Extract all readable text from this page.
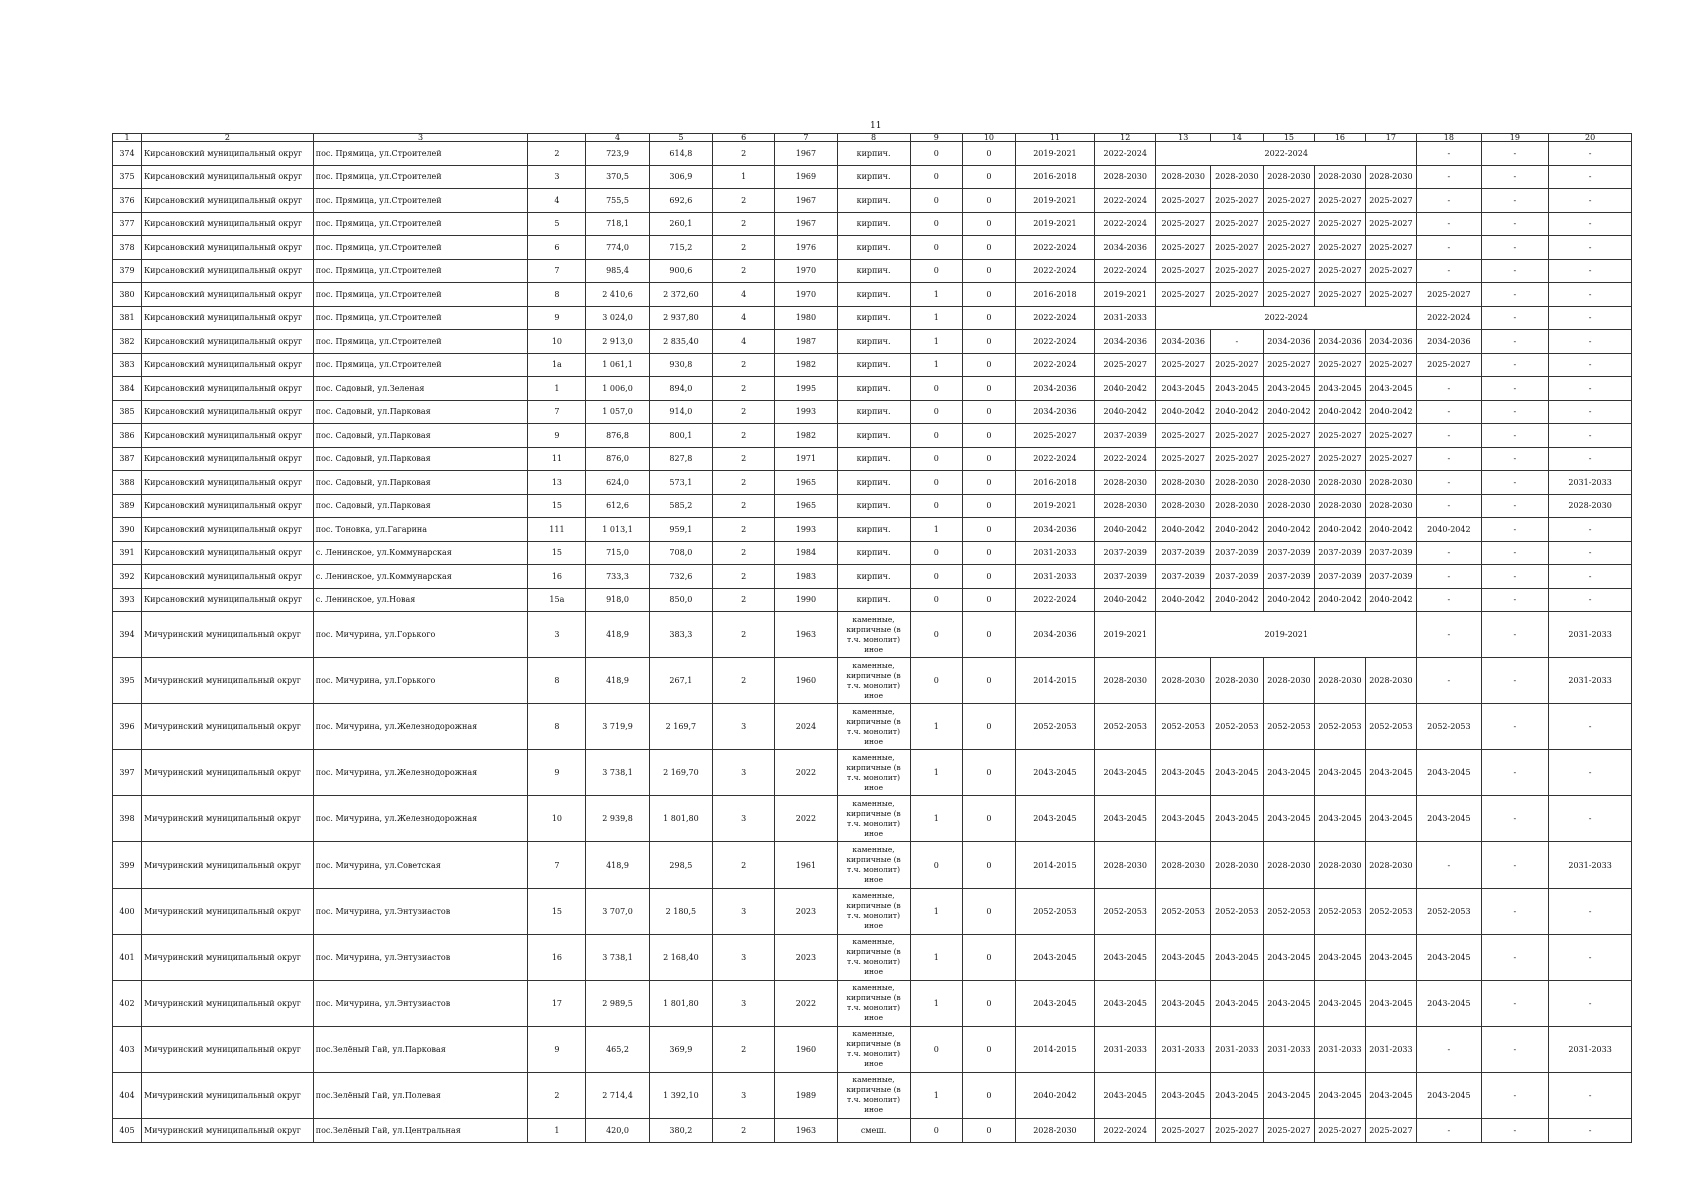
11
1	2	3		4	5	6	7	8	9	10	11	12	13	14	15	16	17	18	19	20
374	Кирсановский муниципальный округ	пос. Прямица, ул.Строителей	2	723,9	614,8	2	1967	кирпич.	0	0	2019-2021	2022-2024	2022-2024					-	-	-
375	Кирсановский муниципальный округ	пос. Прямица, ул.Строителей	3	370,5	306,9	1	1969	кирпич.	0	0	2016-2018	2028-2030	2028-2030	2028-2030	2028-2030	2028-2030	2028-2030	-	-	-
376	Кирсановский муниципальный округ	пос. Прямица, ул.Строителей	4	755,5	692,6	2	1967	кирпич.	0	0	2019-2021	2022-2024	2025-2027	2025-2027	2025-2027	2025-2027	2025-2027	-	-	-
377	Кирсановский муниципальный округ	пос. Прямица, ул.Строителей	5	718,1	260,1	2	1967	кирпич.	0	0	2019-2021	2022-2024	2025-2027	2025-2027	2025-2027	2025-2027	2025-2027	-	-	-
378	Кирсановский муниципальный округ	пос. Прямица, ул.Строителей	6	774,0	715,2	2	1976	кирпич.	0	0	2022-2024	2034-2036	2025-2027	2025-2027	2025-2027	2025-2027	2025-2027	-	-	-
379	Кирсановский муниципальный округ	пос. Прямица, ул.Строителей	7	985,4	900,6	2	1970	кирпич.	0	0	2022-2024	2022-2024	2025-2027	2025-2027	2025-2027	2025-2027	2025-2027	-	-	-
380	Кирсановский муниципальный округ	пос. Прямица, ул.Строителей	8	2 410,6	2 372,60	4	1970	кирпич.	1	0	2016-2018	2019-2021	2025-2027	2025-2027	2025-2027	2025-2027	2025-2027	2025-2027	-	-
381	Кирсановский муниципальный округ	пос. Прямица, ул.Строителей	9	3 024,0	2 937,80	4	1980	кирпич.	1	0	2022-2024	2031-2033	2022-2024					2022-2024	-	-
382	Кирсановский муниципальный округ	пос. Прямица, ул.Строителей	10	2 913,0	2 835,40	4	1987	кирпич.	1	0	2022-2024	2034-2036	2034-2036	-	2034-2036	2034-2036	2034-2036	2034-2036	-	-
383	Кирсановский муниципальный округ	пос. Прямица, ул.Строителей	1а	1 061,1	930,8	2	1982	кирпич.	1	0	2022-2024	2025-2027	2025-2027	2025-2027	2025-2027	2025-2027	2025-2027	2025-2027	-	-
384	Кирсановский муниципальный округ	пос. Садовый, ул.Зеленая	1	1 006,0	894,0	2	1995	кирпич.	0	0	2034-2036	2040-2042	2043-2045	2043-2045	2043-2045	2043-2045	2043-2045	-	-	-
385	Кирсановский муниципальный округ	пос. Садовый, ул.Парковая	7	1 057,0	914,0	2	1993	кирпич.	0	0	2034-2036	2040-2042	2040-2042	2040-2042	2040-2042	2040-2042	2040-2042	-	-	-
386	Кирсановский муниципальный округ	пос. Садовый, ул.Парковая	9	876,8	800,1	2	1982	кирпич.	0	0	2025-2027	2037-2039	2025-2027	2025-2027	2025-2027	2025-2027	2025-2027	-	-	-
387	Кирсановский муниципальный округ	пос. Садовый, ул.Парковая	11	876,0	827,8	2	1971	кирпич.	0	0	2022-2024	2022-2024	2025-2027	2025-2027	2025-2027	2025-2027	2025-2027	-	-	-
388	Кирсановский муниципальный округ	пос. Садовый, ул.Парковая	13	624,0	573,1	2	1965	кирпич.	0	0	2016-2018	2028-2030	2028-2030	2028-2030	2028-2030	2028-2030	2028-2030	-	-	2031-2033
389	Кирсановский муниципальный округ	пос. Садовый, ул.Парковая	15	612,6	585,2	2	1965	кирпич.	0	0	2019-2021	2028-2030	2028-2030	2028-2030	2028-2030	2028-2030	2028-2030	-	-	2028-2030
390	Кирсановский муниципальный округ	пос. Тоновка, ул.Гагарина	111	1 013,1	959,1	2	1993	кирпич.	1	0	2034-2036	2040-2042	2040-2042	2040-2042	2040-2042	2040-2042	2040-2042	2040-2042	-	-
391	Кирсановский муниципальный округ	с. Ленинское, ул.Коммунарская	15	715,0	708,0	2	1984	кирпич.	0	0	2031-2033	2037-2039	2037-2039	2037-2039	2037-2039	2037-2039	2037-2039	-	-	-
392	Кирсановский муниципальный округ	с. Ленинское, ул.Коммунарская	16	733,3	732,6	2	1983	кирпич.	0	0	2031-2033	2037-2039	2037-2039	2037-2039	2037-2039	2037-2039	2037-2039	-	-	-
393	Кирсановский муниципальный округ	с. Ленинское, ул.Новая	15а	918,0	850,0	2	1990	кирпич.	0	0	2022-2024	2040-2042	2040-2042	2040-2042	2040-2042	2040-2042	2040-2042	-	-	-
394	Мичуринский муниципальный округ	пос. Мичурина, ул.Горького	3	418,9	383,3	2	1963	каменные, кирпичные (в т.ч. монолит) иное	0	0	2034-2036	2019-2021	2019-2021					-	-	2031-2033
395	Мичуринский муниципальный округ	пос. Мичурина, ул.Горького	8	418,9	267,1	2	1960	каменные, кирпичные (в т.ч. монолит) иное	0	0	2014-2015	2028-2030	2028-2030	2028-2030	2028-2030	2028-2030	2028-2030	-	-	2031-2033
396	Мичуринский муниципальный округ	пос. Мичурина, ул.Железнодорожная	8	3 719,9	2 169,7	3	2024	каменные, кирпичные (в т.ч. монолит) иное	1	0	2052-2053	2052-2053	2052-2053	2052-2053	2052-2053	2052-2053	2052-2053	2052-2053	-	-
397	Мичуринский муниципальный округ	пос. Мичурина, ул.Железнодорожная	9	3 738,1	2 169,70	3	2022	каменные, кирпичные (в т.ч. монолит) иное	1	0	2043-2045	2043-2045	2043-2045	2043-2045	2043-2045	2043-2045	2043-2045	2043-2045	-	-
398	Мичуринский муниципальный округ	пос. Мичурина, ул.Железнодорожная	10	2 939,8	1 801,80	3	2022	каменные, кирпичные (в т.ч. монолит) иное	1	0	2043-2045	2043-2045	2043-2045	2043-2045	2043-2045	2043-2045	2043-2045	2043-2045	-	-
399	Мичуринский муниципальный округ	пос. Мичурина, ул.Советская	7	418,9	298,5	2	1961	каменные, кирпичные (в т.ч. монолит) иное	0	0	2014-2015	2028-2030	2028-2030	2028-2030	2028-2030	2028-2030	2028-2030	-	-	2031-2033
400	Мичуринский муниципальный округ	пос. Мичурина, ул.Энтузиастов	15	3 707,0	2 180,5	3	2023	каменные, кирпичные (в т.ч. монолит) иное	1	0	2052-2053	2052-2053	2052-2053	2052-2053	2052-2053	2052-2053	2052-2053	2052-2053	-	-
401	Мичуринский муниципальный округ	пос. Мичурина, ул.Энтузиастов	16	3 738,1	2 168,40	3	2023	каменные, кирпичные (в т.ч. монолит) иное	1	0	2043-2045	2043-2045	2043-2045	2043-2045	2043-2045	2043-2045	2043-2045	2043-2045	-	-
402	Мичуринский муниципальный округ	пос. Мичурина, ул.Энтузиастов	17	2 989,5	1 801,80	3	2022	каменные, кирпичные (в т.ч. монолит) иное	1	0	2043-2045	2043-2045	2043-2045	2043-2045	2043-2045	2043-2045	2043-2045	2043-2045	-	-
403	Мичуринский муниципальный округ	пос.Зелёный Гай, ул.Парковая	9	465,2	369,9	2	1960	каменные, кирпичные (в т.ч. монолит) иное	0	0	2014-2015	2031-2033	2031-2033	2031-2033	2031-2033	2031-2033	2031-2033	-	-	2031-2033
404	Мичуринский муниципальный округ	пос.Зелёный Гай, ул.Полевая	2	2 714,4	1 392,10	3	1989	каменные, кирпичные (в т.ч. монолит) иное	1	0	2040-2042	2043-2045	2043-2045	2043-2045	2043-2045	2043-2045	2043-2045	2043-2045	-	-
405	Мичуринский муниципальный округ	пос.Зелёный Гай, ул.Центральная	1	420,0	380,2	2	1963	смеш.	0	0	2028-2030	2022-2024	2025-2027	2025-2027	2025-2027	2025-2027	2025-2027	-	-	-
